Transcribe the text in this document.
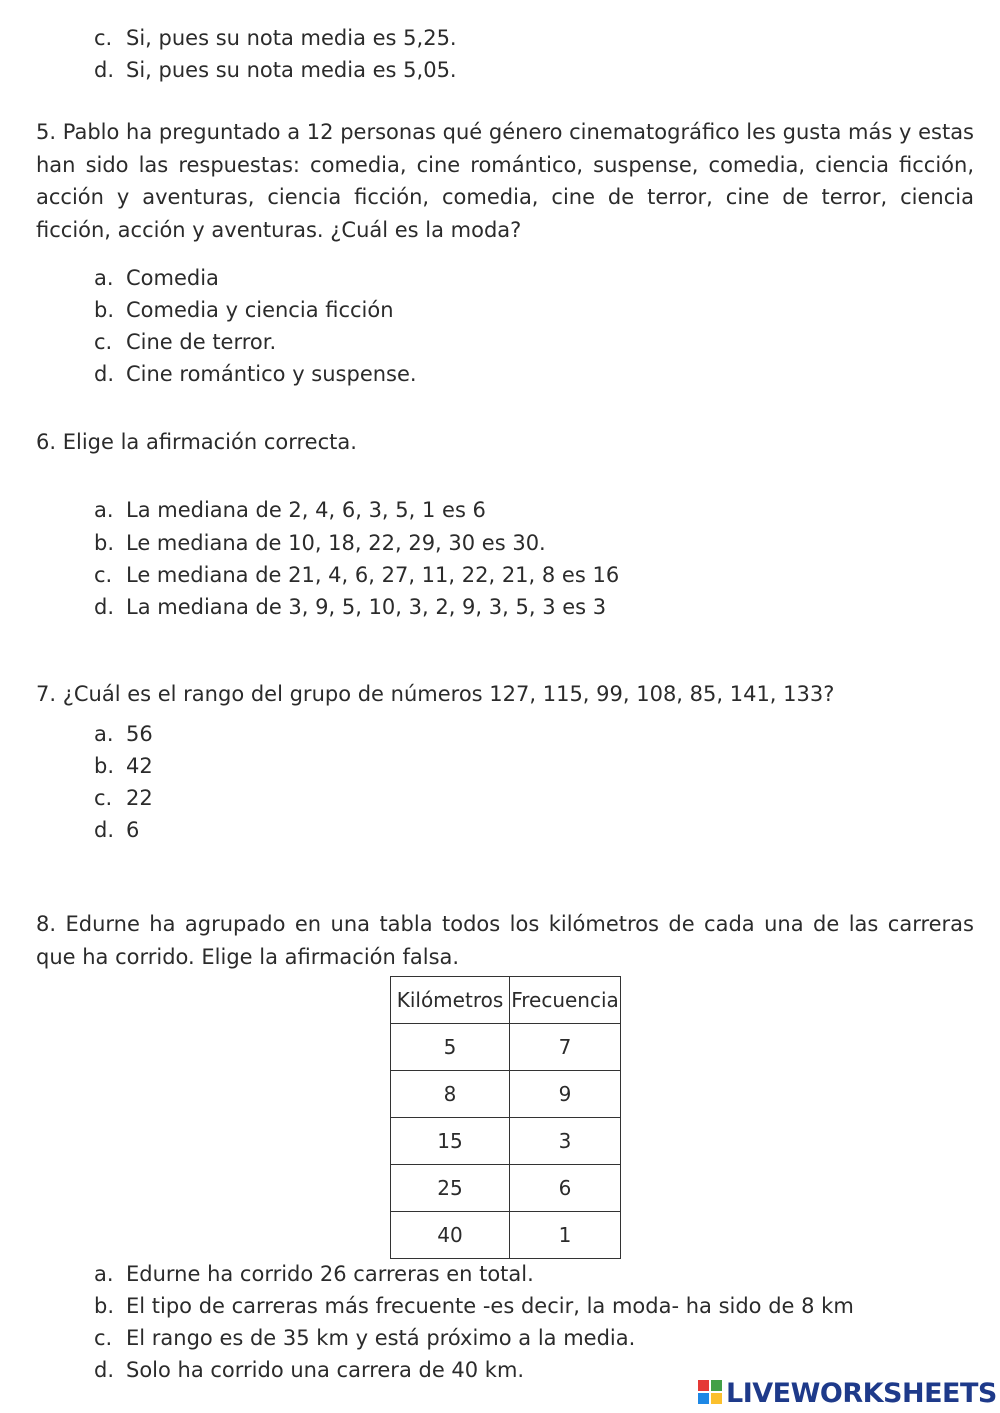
c. Si, pues su nota media es 5,25.
d. Si, pues su nota media es 5,05.
5. Pablo ha preguntado a 12 personas qué género cinematográfico les gusta más y estas han sido las respuestas: comedia, cine romántico, suspense, comedia, ciencia ficción, acción y aventuras, ciencia ficción, comedia, cine de terror, cine de terror, ciencia ficción, acción y aventuras. ¿Cuál es la moda?
a. Comedia
b. Comedia y ciencia ficción
c. Cine de terror.
d. Cine romántico y suspense.
6. Elige la afirmación correcta.
a. La mediana de 2, 4, 6, 3, 5, 1 es 6
b. Le mediana de 10, 18, 22, 29, 30 es 30.
c. Le mediana de 21, 4, 6, 27, 11, 22, 21, 8 es 16
d. La mediana de 3, 9, 5, 10, 3, 2, 9, 3, 5, 3 es 3
7. ¿Cuál es el rango del grupo de números 127, 115, 99, 108, 85, 141, 133?
a. 56
b. 42
c. 22
d. 6
8. Edurne ha agrupado en una tabla todos los kilómetros de cada una de las carreras que ha corrido. Elige la afirmación falsa.
Kilómetros	Frecuencia
5	7
8	9
15	3
25	6
40	1
a. Edurne ha corrido 26 carreras en total.
b. El tipo de carreras más frecuente -es decir, la moda- ha sido de 8 km
c. El rango es de 35 km y está próximo a la media.
d. Solo ha corrido una carrera de 40 km.
LIVEWORKSHEETS
